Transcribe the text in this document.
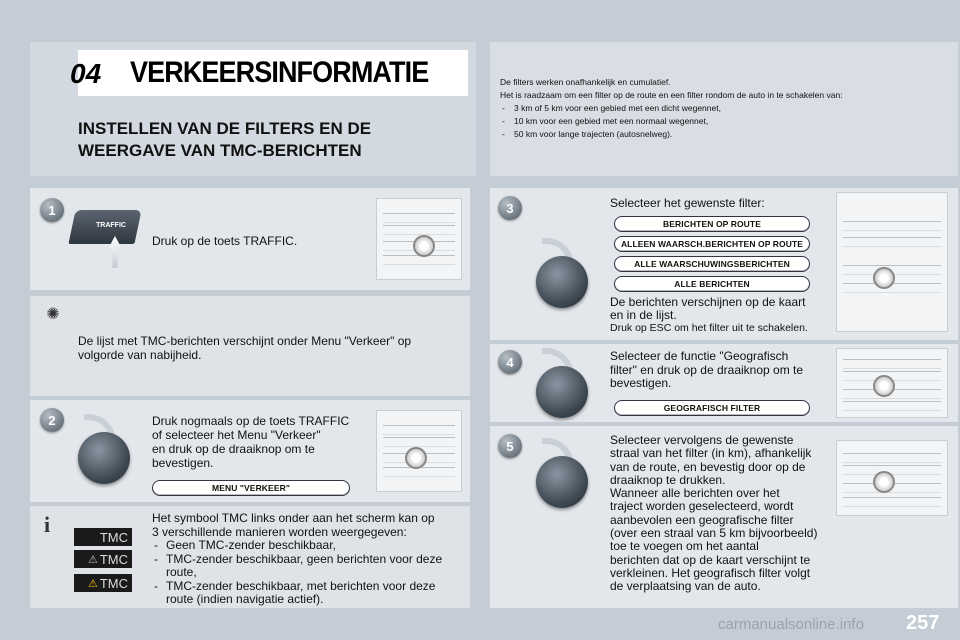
04 VERKEERSINFORMATIE
INSTELLEN VAN DE FILTERS EN DE
WEERGAVE VAN TMC-BERICHTEN
De filters werken onafhankelijk en cumulatief.
Het is raadzaam om een filter op de route en een filter rondom de auto in te schakelen van:
- 3 km of 5 km voor een gebied met een dicht wegennet,
- 10 km voor een gebied met een normaal wegennet,
- 50 km voor lange trajecten (autosnelweg).
1
TRAFFIC
Druk op de toets TRAFFIC.
✺
De lijst met TMC-berichten verschijnt onder Menu "Verkeer" op volgorde van nabijheid.
2	Druk nogmaals op de toets TRAFFIC
of selecteer het Menu "Verkeer"
en druk op de draaiknop om te
bevestigen.
MENU "VERKEER"
i	TMC
⚠ TMC
⚠ TMC
Het symbool TMC links onder aan het scherm kan op
3 verschillende manieren worden weergegeven:
- Geen TMC-zender beschikbaar,
- TMC-zender beschikbaar, geen berichten voor deze route,
- TMC-zender beschikbaar, met berichten voor deze route (indien navigatie actief).
3	Selecteer het gewenste filter:
BERICHTEN OP ROUTE
ALLEEN WAARSCH.BERICHTEN OP ROUTE
ALLE WAARSCHUWINGSBERICHTEN
ALLE BERICHTEN
De berichten verschijnen op de kaart
en in de lijst.
Druk op ESC om het filter uit te schakelen.
4	Selecteer de functie "Geografisch
filter" en druk op de draaiknop om te
bevestigen.
GEOGRAFISCH FILTER
5	Selecteer vervolgens de gewenste
straal van het filter (in km), afhankelijk
van de route, en bevestig door op de
draaiknop te drukken.
Wanneer alle berichten over het
traject worden geselecteerd, wordt
aanbevolen een geografische filter
(over een straal van 5 km bijvoorbeeld)
toe te voegen om het aantal
berichten dat op de kaart verschijnt te
verkleinen. Het geografisch filter volgt
de verplaatsing van de auto.
carmanualsonline.info 257
